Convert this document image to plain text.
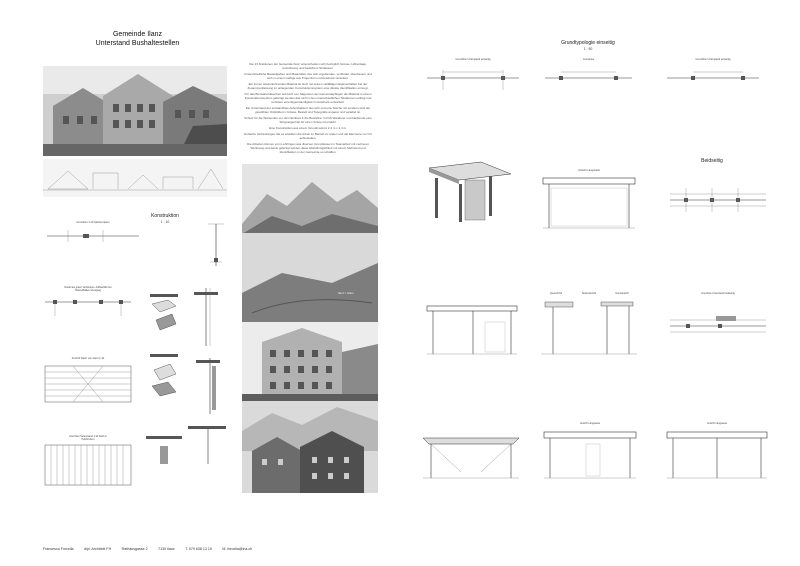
Gemeinde Ilanz
Unterstand Bushaltestellen

Die 13 Fraktionen der Gemeinde Ilanz unterscheiden sich bezüglich Grösse, Höhenlage, Ausrichtung und baulichem Strukturen.

Unterschiedliche Bauaufgaben und Materialien des sich ergebenden, verbindet, überdauern und sich in einem Gefüge aus Proportion und Ausdruck verankert.

Ein immer wiederkehrendes Material ist Holz mit seinen vielfältigen Eigenschaften bei der Zusammenfassung im anliegenden Konstruktionssystem eine direkte Identifikation erzeugt.

Für das Buswartehäuschen soll Holz von Sägereien der Gemeindepflegen als Material in einem Konstruktionssystem gefertigt werden das sich in den unterschiedlichen Situationen einfügt und trotzdem eine Eigenständigkeit im Ausdruck entwickelt.

Ein Unterstand der einwandfreie Aufenthaltsort des sich und eine Nische mit sondern sind der gewölbten Ortsbildet in Grösse, Bestell und Topografie anpasst und variabel ist.

Schutz für die Wartenden vor dem Einfluss fr die Busfahrer in Fuß Wanderer und bleibende eine Sitzgelegenheit für einen Szene ist erlaubt.

Eine Konstruktion aus einem Grundmodul à 2,4 m x 2,4 m.

Einfache Verbindungen die es erlauben die Arbeit im Betrieb zu rüsten und die Elemente vor Ort aufzustellen.

Die Arbeiten können vom Lehrlingen aus diversen Grundwissen in Teamarbeit mit mehreren Werkzeug und damit gefertigt werden diese Abstufmöglichkeit mit einem Mehrwert und Identifikation in der Gemeinde so schaffen.

Ilanz / Glion
Konstruktion
1 : 10
Grundriss 1:10 Stützenraster
Detail des guten Verbindens, Aufbauhilfe bei Stütze/Balken Übergang
Ansicht Dach von oben 1:10
Ansichten Seitenwand 1:10 Dach in Holzbrettern
Grundtypologie einseitig
1 : 50
Grundriss Unterstand einseitig	Grundriss	Grundriss Unterstand einseitig
Ansicht Längsseite
Beidseitig
Querschnitt	Seitenansicht	Innenansicht	Grundriss Unterstand beidseitig
Ansicht Längsseite	Ansicht Längsseite
Francesco Forcella	dipl. Architekt FH	Rathausgasse 2	7130 Ilanz	T. 079 638 13 19	M. forcella@ina.ch
